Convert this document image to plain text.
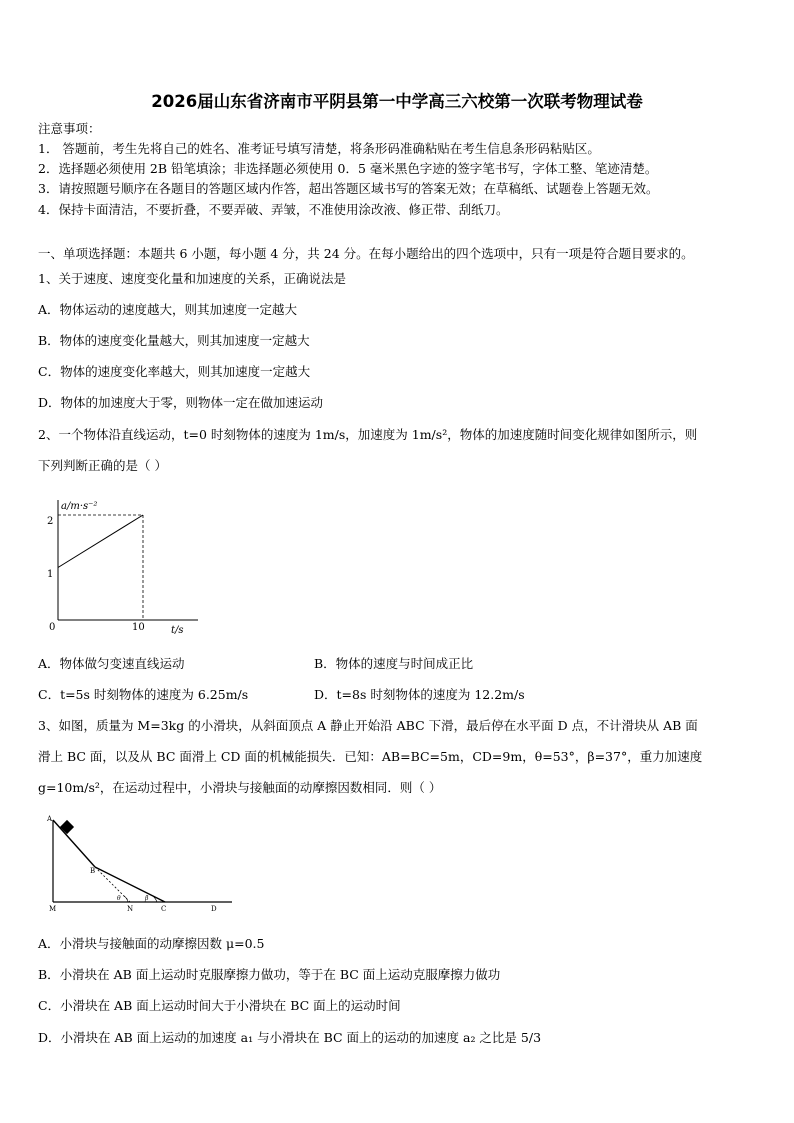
2026届山东省济南市平阴县第一中学高三六校第一次联考物理试卷
注意事项：
1． 答题前，考生先将自己的姓名、准考证号填写清楚，将条形码准确粘贴在考生信息条形码粘贴区。
2．选择题必须使用 2B 铅笔填涂；非选择题必须使用 0．5 毫米黑色字迹的签字笔书写，字体工整、笔迹清楚。
3．请按照题号顺序在各题目的答题区域内作答，超出答题区域书写的答案无效；在草稿纸、试题卷上答题无效。
4．保持卡面清洁，不要折叠，不要弄破、弄皱，不准使用涂改液、修正带、刮纸刀。
一、单项选择题：本题共 6 小题，每小题 4 分，共 24 分。在每小题给出的四个选项中，只有一项是符合题目要求的。
1、关于速度、速度变化量和加速度的关系，正确说法是
A．物体运动的速度越大，则其加速度一定越大
B．物体的速度变化量越大，则其加速度一定越大
C．物体的速度变化率越大，则其加速度一定越大
D．物体的加速度大于零，则物体一定在做加速运动
2、一个物体沿直线运动，t=0 时刻物体的速度为 1m/s，加速度为 1m/s²，物体的加速度随时间变化规律如图所示，则
下列判断正确的是（ ）
a/m·s⁻²
t/s
0
2
1
10
A．物体做匀变速直线运动	B．物体的速度与时间成正比
C．t=5s 时刻物体的速度为 6.25m/s	D．t=8s 时刻物体的速度为 12.2m/s
3、如图，质量为 M=3kg 的小滑块，从斜面顶点 A 静止开始沿 ABC 下滑，最后停在水平面 D 点，不计滑块从 AB 面
滑上 BC 面，以及从 BC 面滑上 CD 面的机械能损失．已知：AB=BC=5m，CD=9m，θ=53°，β=37°，重力加速度
g=10m/s²，在运动过程中，小滑块与接触面的动摩擦因数相同．则（ ）
A
B
M	N	C	D
θ	β
A．小滑块与接触面的动摩擦因数 μ=0.5
B．小滑块在 AB 面上运动时克服摩擦力做功，等于在 BC 面上运动克服摩擦力做功
C．小滑块在 AB 面上运动时间大于小滑块在 BC 面上的运动时间
D．小滑块在 AB 面上运动的加速度 a₁ 与小滑块在 BC 面上的运动的加速度 a₂ 之比是 5/3
